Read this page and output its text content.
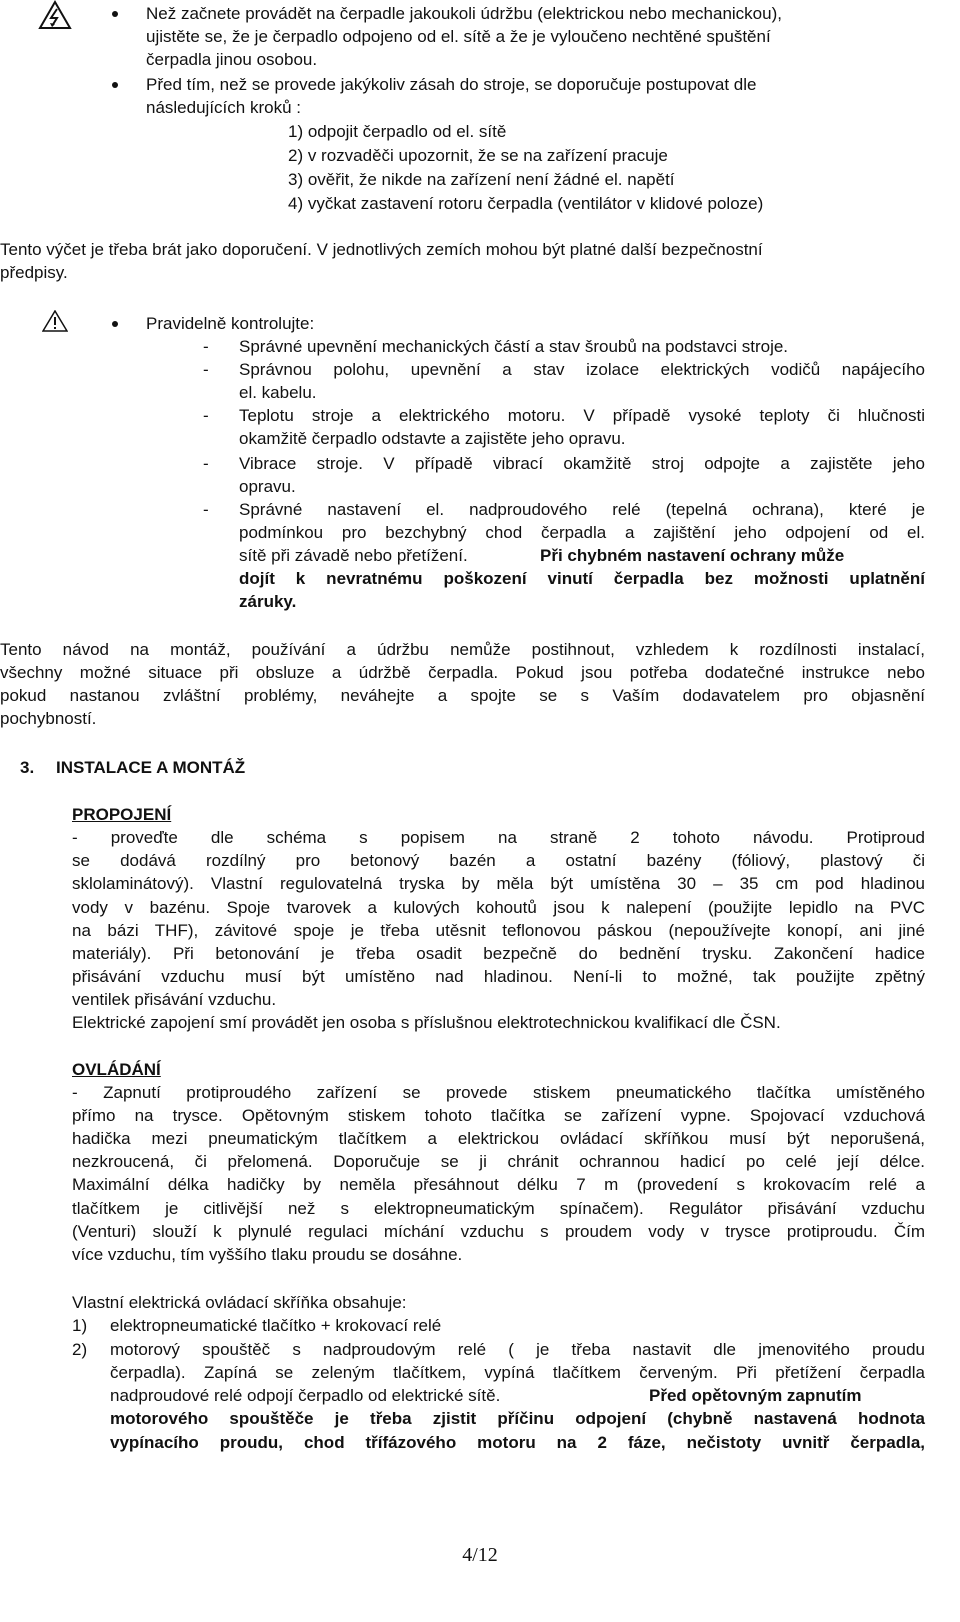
Než začnete provádět na čerpadle jakoukoli údržbu (elektrickou nebo mechanickou),
ujistěte se, že je čerpadlo odpojeno od el. sítě a že je vyloučeno nechtěné spuštění
čerpadla jinou osobou.
Před tím, než se provede jakýkoliv zásah do stroje, se doporučuje postupovat dle
následujících kroků :
1) odpojit čerpadlo od el. sítě
2) v rozvaděči upozornit, že se na zařízení pracuje
3) ověřit, že nikde na zařízení není žádné el. napětí
4) vyčkat zastavení rotoru čerpadla (ventilátor v klidové poloze)
Tento výčet je třeba brát jako doporučení. V jednotlivých zemích mohou být platné další bezpečnostní
předpisy.
Pravidelně kontrolujte:
- Správné upevnění mechanických částí a stav šroubů na podstavci stroje.
- Správnou polohu, upevnění a stav izolace elektrických vodičů napájecího
el. kabelu.
- Teplotu stroje a elektrického motoru. V případě vysoké teploty či hlučnosti
okamžitě čerpadlo odstavte a zajistěte jeho opravu.
- Vibrace stroje. V případě vibrací okamžitě stroj odpojte a zajistěte jeho
opravu.
- Správné nastavení el. nadproudového relé (tepelná ochrana), které je
podmínkou pro bezchybný chod čerpadla a zajištění jeho odpojení od el.
sítě při závadě nebo přetížení.	Při chybném nastavení ochrany může
dojít k nevratnému poškození vinutí čerpadla bez možnosti uplatnění
záruky.
Tento návod na montáž, používání a údržbu nemůže postihnout, vzhledem k rozdílnosti instalací,
všechny možné situace při obsluze a údržbě čerpadla. Pokud jsou potřeba dodatečné instrukce nebo
pokud nastanou zvláštní problémy, neváhejte a spojte se s Vaším dodavatelem pro objasnění
pochybností.
3. INSTALACE A MONTÁŽ
PROPOJENÍ
- proveďte dle schéma s popisem na straně 2 tohoto návodu. Protiproud
se dodává rozdílný pro betonový bazén a ostatní bazény (fóliový, plastový či
sklolaminátový). Vlastní regulovatelná tryska by měla být umístěna 30 – 35 cm pod hladinou
vody v bazénu. Spoje tvarovek a kulových kohoutů jsou k nalepení (použijte lepidlo na PVC
na bázi THF), závitové spoje je třeba utěsnit teflonovou páskou (nepoužívejte konopí, ani jiné
materiály). Při betonování je třeba osadit bezpečně do bednění trysku. Zakončení hadice
přisávání vzduchu musí být umístěno nad hladinou. Není-li to možné, tak použijte zpětný
ventilek přisávání vzduchu.
Elektrické zapojení smí provádět jen osoba s příslušnou elektrotechnickou kvalifikací dle ČSN.
OVLÁDÁNÍ
- Zapnutí protiproudého zařízení se provede stiskem pneumatického tlačítka umístěného
přímo na trysce. Opětovným stiskem tohoto tlačítka se zařízení vypne. Spojovací vzduchová
hadička mezi pneumatickým tlačítkem a elektrickou ovládací skříňkou musí být neporušená,
nezkroucená, či přelomená. Doporučuje se ji chránit ochrannou hadicí po celé její délce.
Maximální délka hadičky by neměla přesáhnout délku 7 m (provedení s krokovacím relé a
tlačítkem je citlivější než s elektropneumatickým spínačem). Regulátor přisávání vzduchu
(Venturi) slouží k plynulé regulaci míchání vzduchu s proudem vody v trysce protiproudu. Čím
více vzduchu, tím vyššího tlaku proudu se dosáhne.
Vlastní elektrická ovládací skříňka obsahuje:
1) elektropneumatické tlačítko + krokovací relé
2) motorový spouštěč s nadproudovým relé ( je třeba nastavit dle jmenovitého proudu
čerpadla). Zapíná se zeleným tlačítkem, vypíná tlačítkem červeným. Při přetížení čerpadla
nadproudové relé odpojí čerpadlo od elektrické sítě.	Před opětovným zapnutím
motorového spouštěče je třeba zjistit příčinu odpojení (chybně nastavená hodnota
vypínacího proudu, chod třífázového motoru na 2 fáze, nečistoty uvnitř čerpadla,
4/12
